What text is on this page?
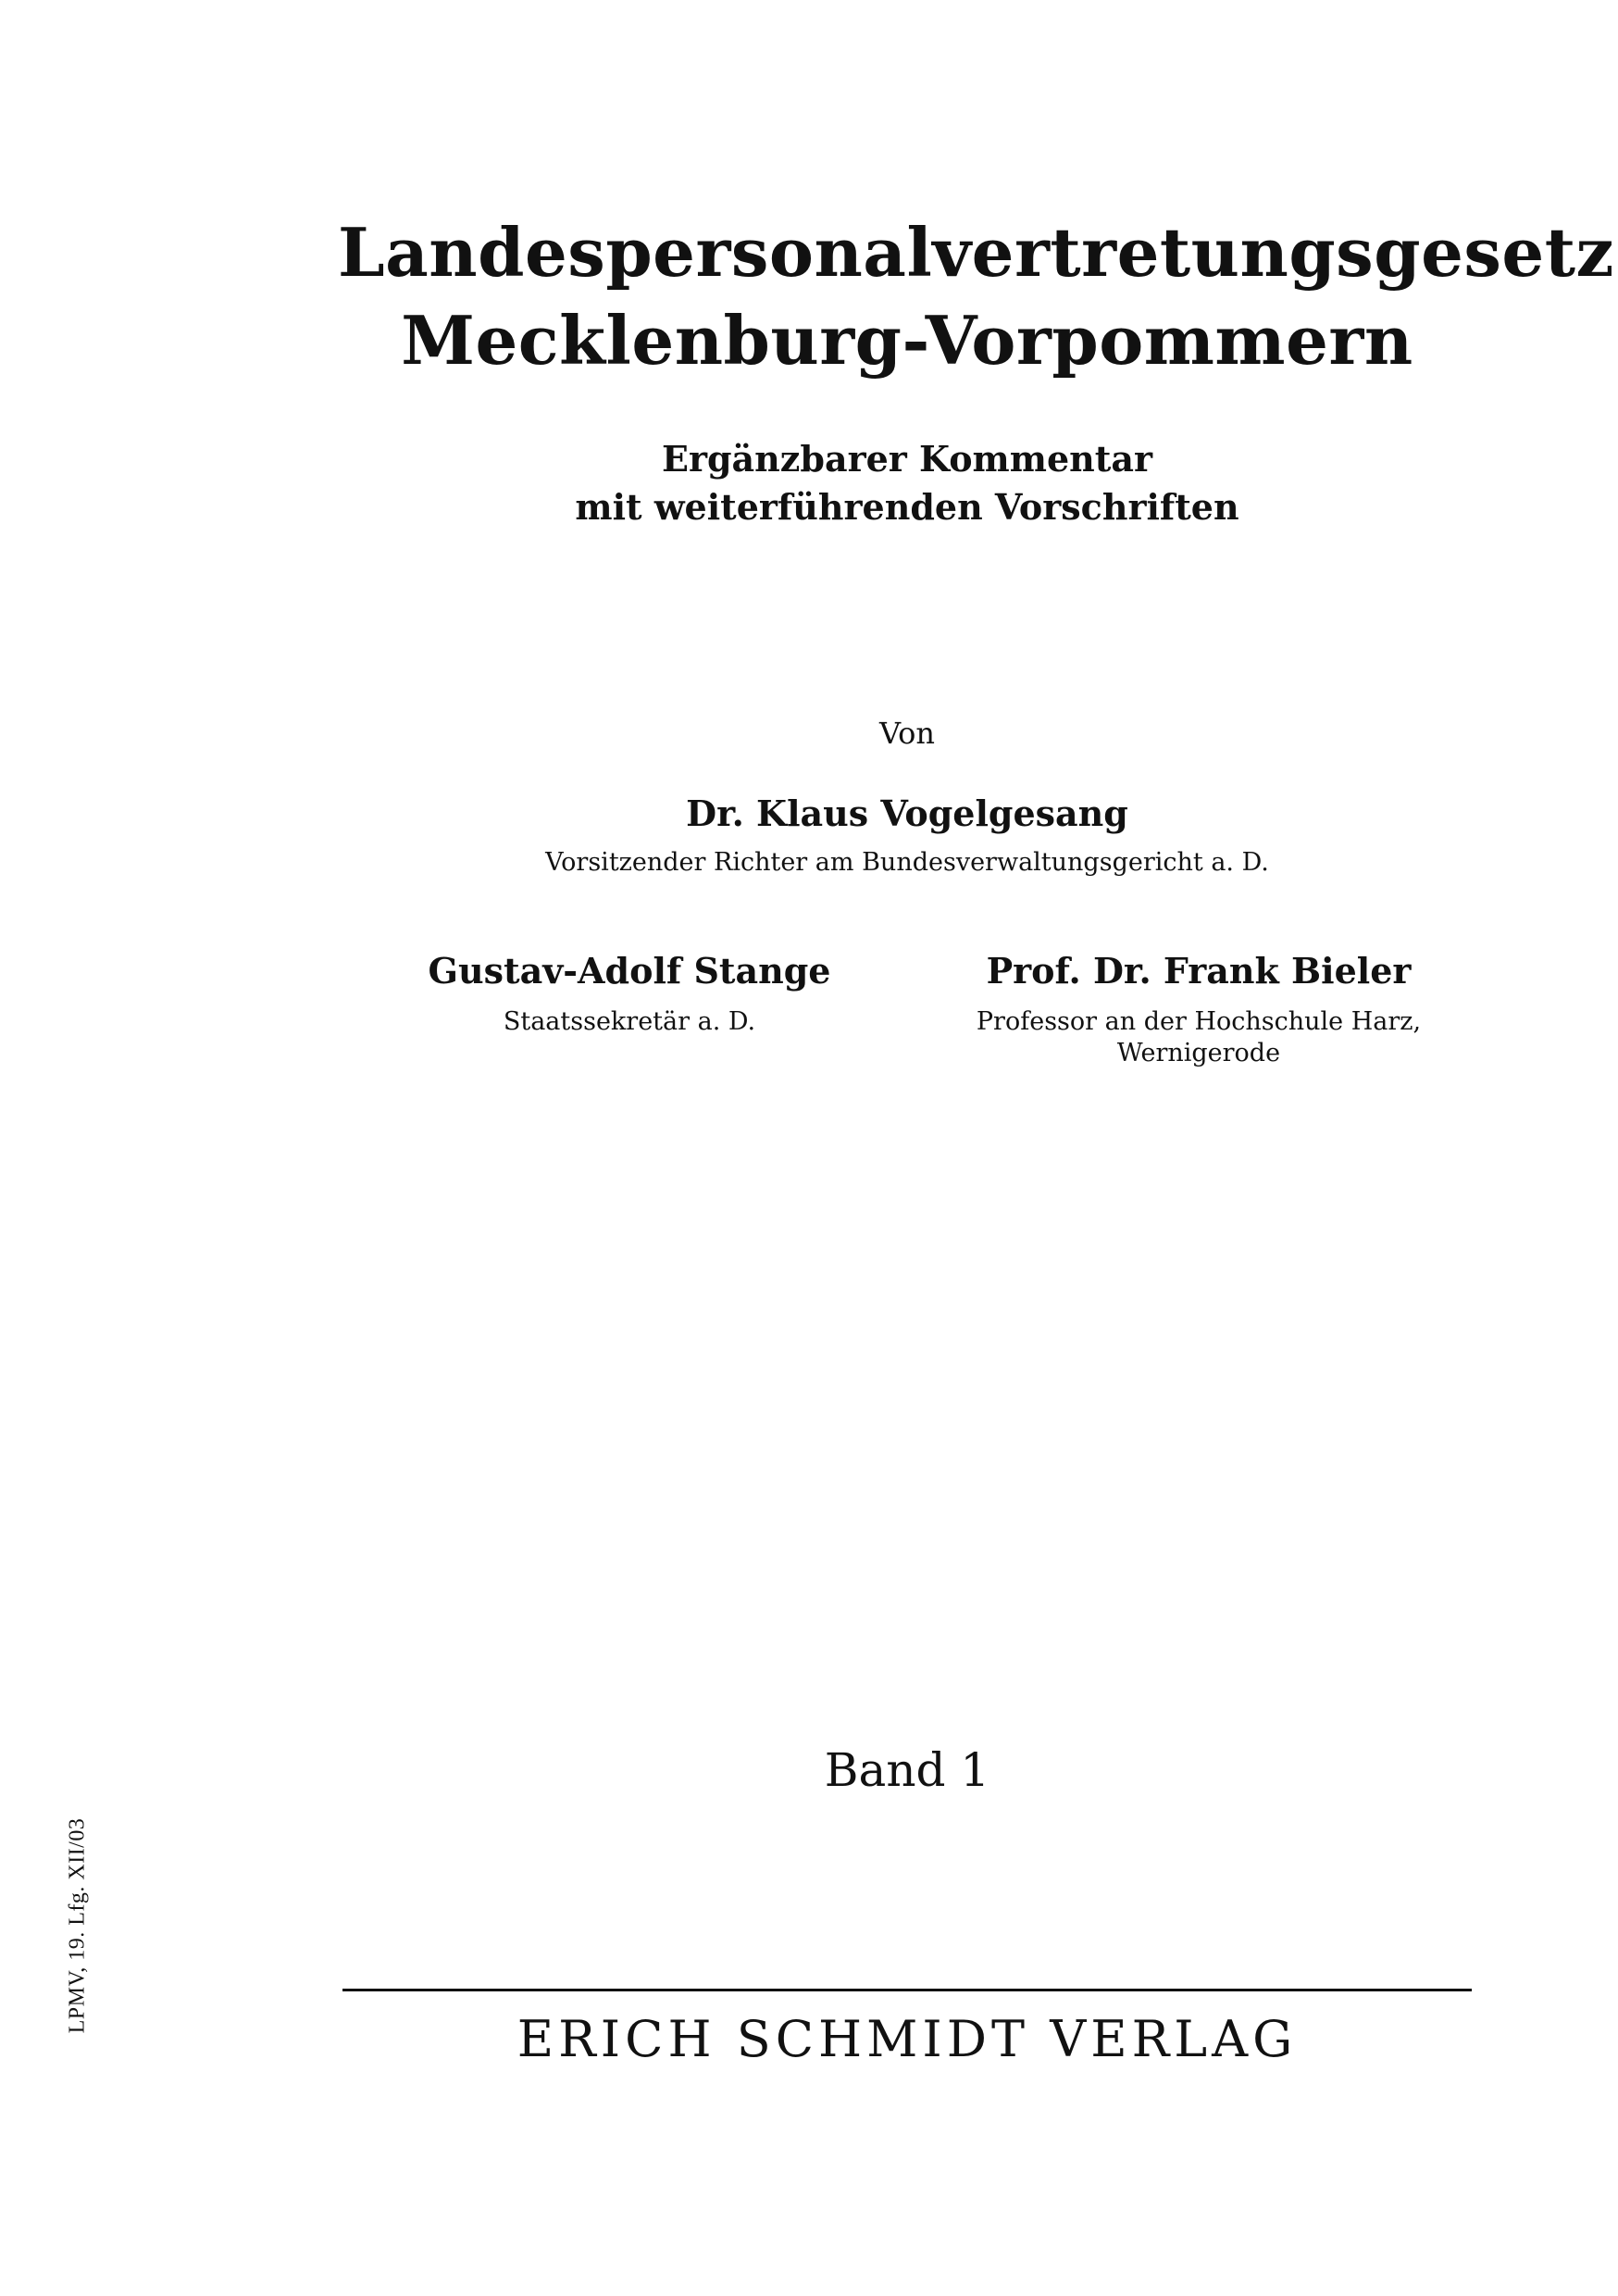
Landespersonalvertretungsgesetz
Mecklenburg-Vorpommern
Ergänzbarer Kommentar
mit weiterführenden Vorschriften
Von
Dr. Klaus Vogelgesang
Vorsitzender Richter am Bundesverwaltungsgericht a. D.
Gustav-Adolf Stange
Staatssekretär a. D.
Prof. Dr. Frank Bieler
Professor an der Hochschule Harz,
Wernigerode
Band 1
ERICH SCHMIDT VERLAG
LPMV, 19. Lfg. XII/03
